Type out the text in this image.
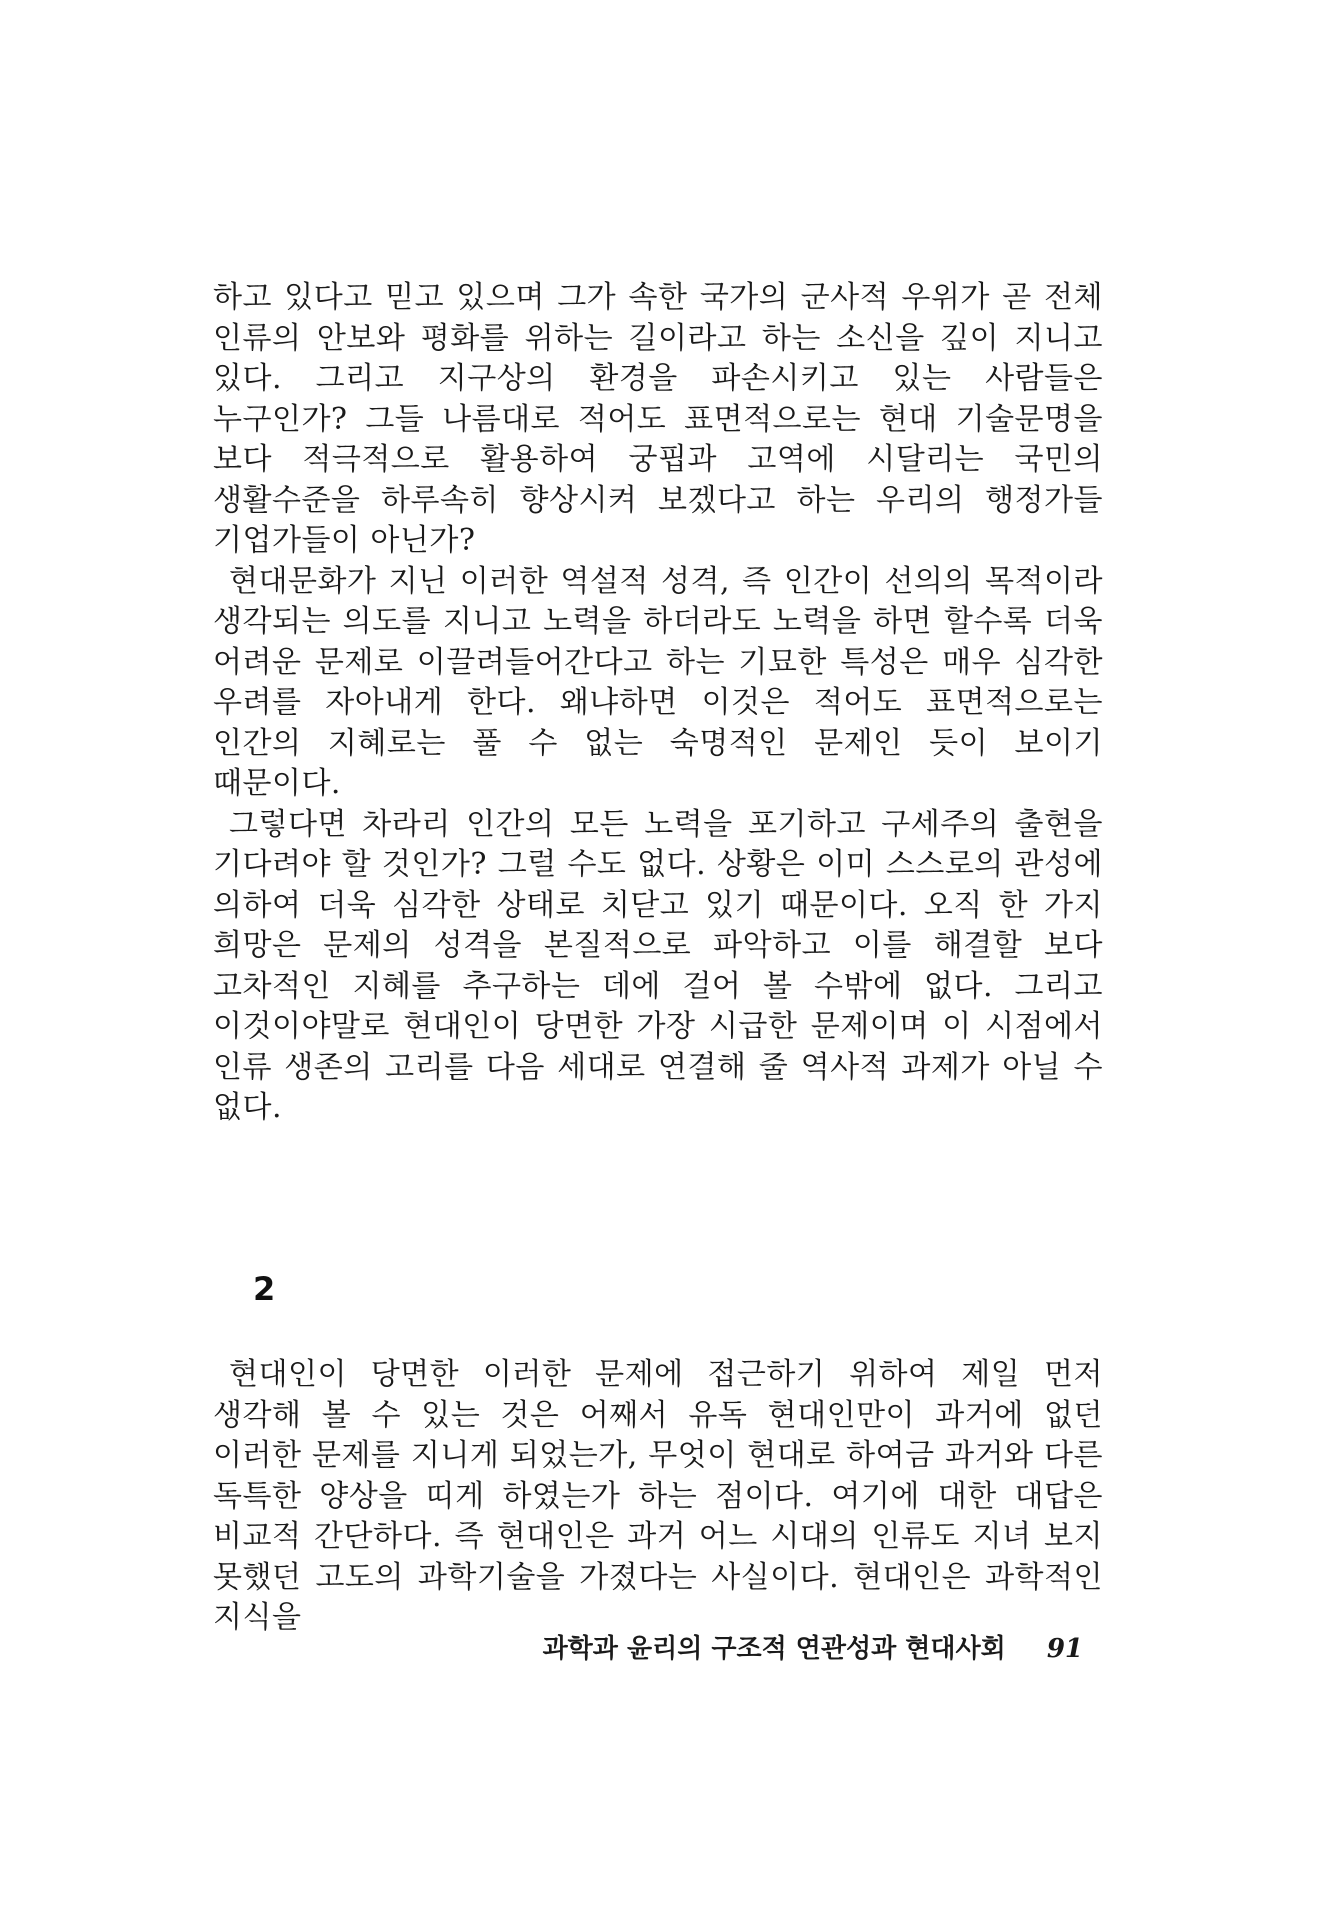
하고 있다고 믿고 있으며 그가 속한 국가의 군사적 우위가 곧 전체 인류의 안보와 평화를 위하는 길이라고 하는 소신을 깊이 지니고 있다. 그리고 지구상의 환경을 파손시키고 있는 사람들은 누구인가? 그들 나름대로 적어도 표면적으로는 현대 기술문명을 보다 적극적으로 활용하여 궁핍과 고역에 시달리는 국민의 생활수준을 하루속히 향상시켜 보겠다고 하는 우리의 행정가들 기업가들이 아닌가?

현대문화가 지닌 이러한 역설적 성격, 즉 인간이 선의의 목적이라 생각되는 의도를 지니고 노력을 하더라도 노력을 하면 할수록 더욱 어려운 문제로 이끌려들어간다고 하는 기묘한 특성은 매우 심각한 우려를 자아내게 한다. 왜냐하면 이것은 적어도 표면적으로는 인간의 지혜로는 풀 수 없는 숙명적인 문제인 듯이 보이기 때문이다.

그렇다면 차라리 인간의 모든 노력을 포기하고 구세주의 출현을 기다려야 할 것인가? 그럴 수도 없다. 상황은 이미 스스로의 관성에 의하여 더욱 심각한 상태로 치닫고 있기 때문이다. 오직 한 가지 희망은 문제의 성격을 본질적으로 파악하고 이를 해결할 보다 고차적인 지혜를 추구하는 데에 걸어 볼 수밖에 없다. 그리고 이것이야말로 현대인이 당면한 가장 시급한 문제이며 이 시점에서 인류 생존의 고리를 다음 세대로 연결해 줄 역사적 과제가 아닐 수 없다.

2

현대인이 당면한 이러한 문제에 접근하기 위하여 제일 먼저 생각해 볼 수 있는 것은 어째서 유독 현대인만이 과거에 없던 이러한 문제를 지니게 되었는가, 무엇이 현대로 하여금 과거와 다른 독특한 양상을 띠게 하였는가 하는 점이다. 여기에 대한 대답은 비교적 간단하다. 즉 현대인은 과거 어느 시대의 인류도 지녀 보지 못했던 고도의 과학기술을 가졌다는 사실이다. 현대인은 과학적인 지식을

과학과 윤리의 구조적 연관성과 현대사회 91
